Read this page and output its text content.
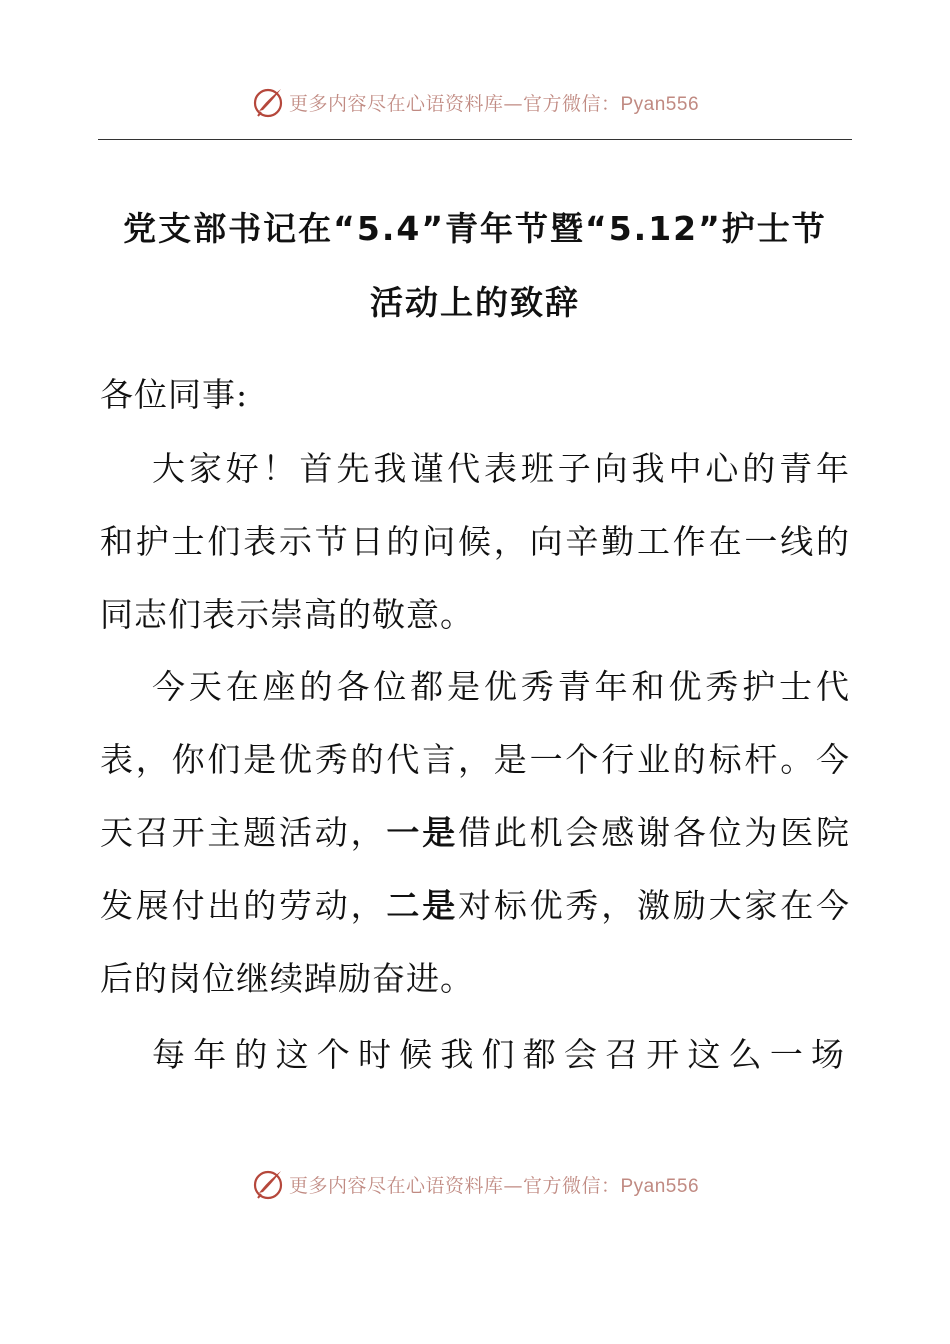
更多内容尽在心语资料库—官方微信：Pyan556
党支部书记在“5.4”青年节暨“5.12”护士节
活动上的致辞
各位同事:
大家好！首先我谨代表班子向我中心的青年
和护士们表示节日的问候，向辛勤工作在一线的
同志们表示崇高的敬意。
今天在座的各位都是优秀青年和优秀护士代
表，你们是优秀的代言，是一个行业的标杆。今
天召开主题活动，一是借此机会感谢各位为医院
发展付出的劳动，二是对标优秀，激励大家在今
后的岗位继续踔励奋进。
每年的这个时候我们都会召开这么一场
更多内容尽在心语资料库—官方微信：Pyan556
